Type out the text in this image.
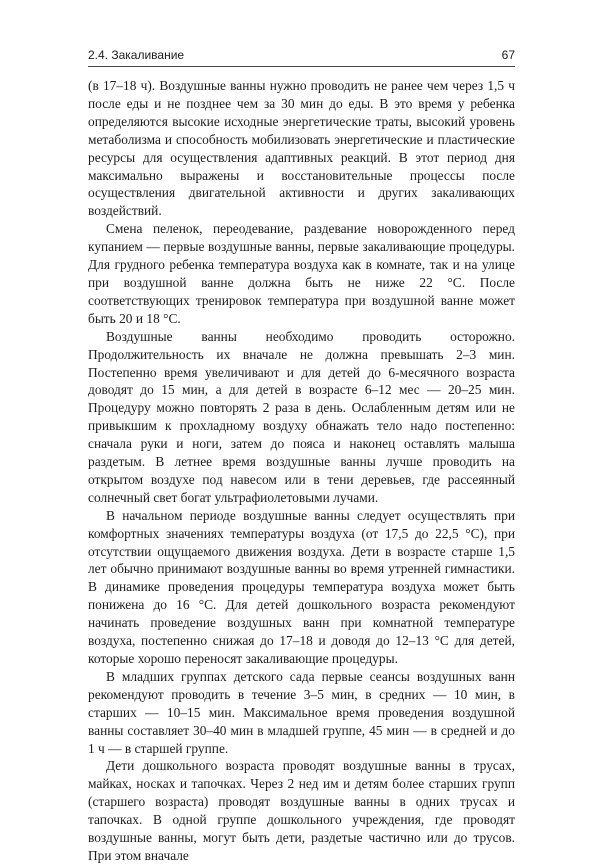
2.4. Закаливание	67

(в 17–18 ч). Воздушные ванны нужно проводить не ранее чем через 1,5 ч после еды и не позднее чем за 30 мин до еды. В это время у ребенка определяются высокие исходные энергетические траты, высокий уровень метаболизма и способность мобилизовать энергетические и пластические ресурсы для осуществления адаптивных реакций. В этот период дня максимально выражены и восстановительные процессы после осуществления двигательной активности и других закаливающих воздействий.

Смена пеленок, переодевание, раздевание новорожденного перед купанием — первые воздушные ванны, первые закаливающие процедуры. Для грудного ребенка температура воздуха как в комнате, так и на улице при воздушной ванне должна быть не ниже 22 °С. После соответствующих тренировок температура при воздушной ванне может быть 20 и 18 °С.

Воздушные ванны необходимо проводить осторожно. Продолжительность их вначале не должна превышать 2–3 мин. Постепенно время увеличивают и для детей до 6-месячного возраста доводят до 15 мин, а для детей в возрасте 6–12 мес — 20–25 мин. Процедуру можно повторять 2 раза в день. Ослабленным детям или не привыкшим к прохладному воздуху обнажать тело надо постепенно: сначала руки и ноги, затем до пояса и наконец оставлять малыша раздетым. В летнее время воздушные ванны лучше проводить на открытом воздухе под навесом или в тени деревьев, где рассеянный солнечный свет богат ультрафиолетовыми лучами.

В начальном периоде воздушные ванны следует осуществлять при комфортных значениях температуры воздуха (от 17,5 до 22,5 °С), при отсутствии ощущаемого движения воздуха. Дети в возрасте старше 1,5 лет обычно принимают воздушные ванны во время утренней гимнастики. В динамике проведения процедуры температура воздуха может быть понижена до 16 °С. Для детей дошкольного возраста рекомендуют начинать проведение воздушных ванн при комнатной температуре воздуха, постепенно снижая до 17–18 и доводя до 12–13 °С для детей, которые хорошо переносят закаливающие процедуры.

В младших группах детского сада первые сеансы воздушных ванн рекомендуют проводить в течение 3–5 мин, в средних — 10 мин, в старших — 10–15 мин. Максимальное время проведения воздушной ванны составляет 30–40 мин в младшей группе, 45 мин — в средней и до 1 ч — в старшей группе.

Дети дошкольного возраста проводят воздушные ванны в трусах, майках, носках и тапочках. Через 2 нед им и детям более старших групп (старшего возраста) проводят воздушные ванны в одних трусах и тапочках. В одной группе дошкольного учреждения, где проводят воздушные ванны, могут быть дети, раздетые частично или до трусов. При этом вначале
